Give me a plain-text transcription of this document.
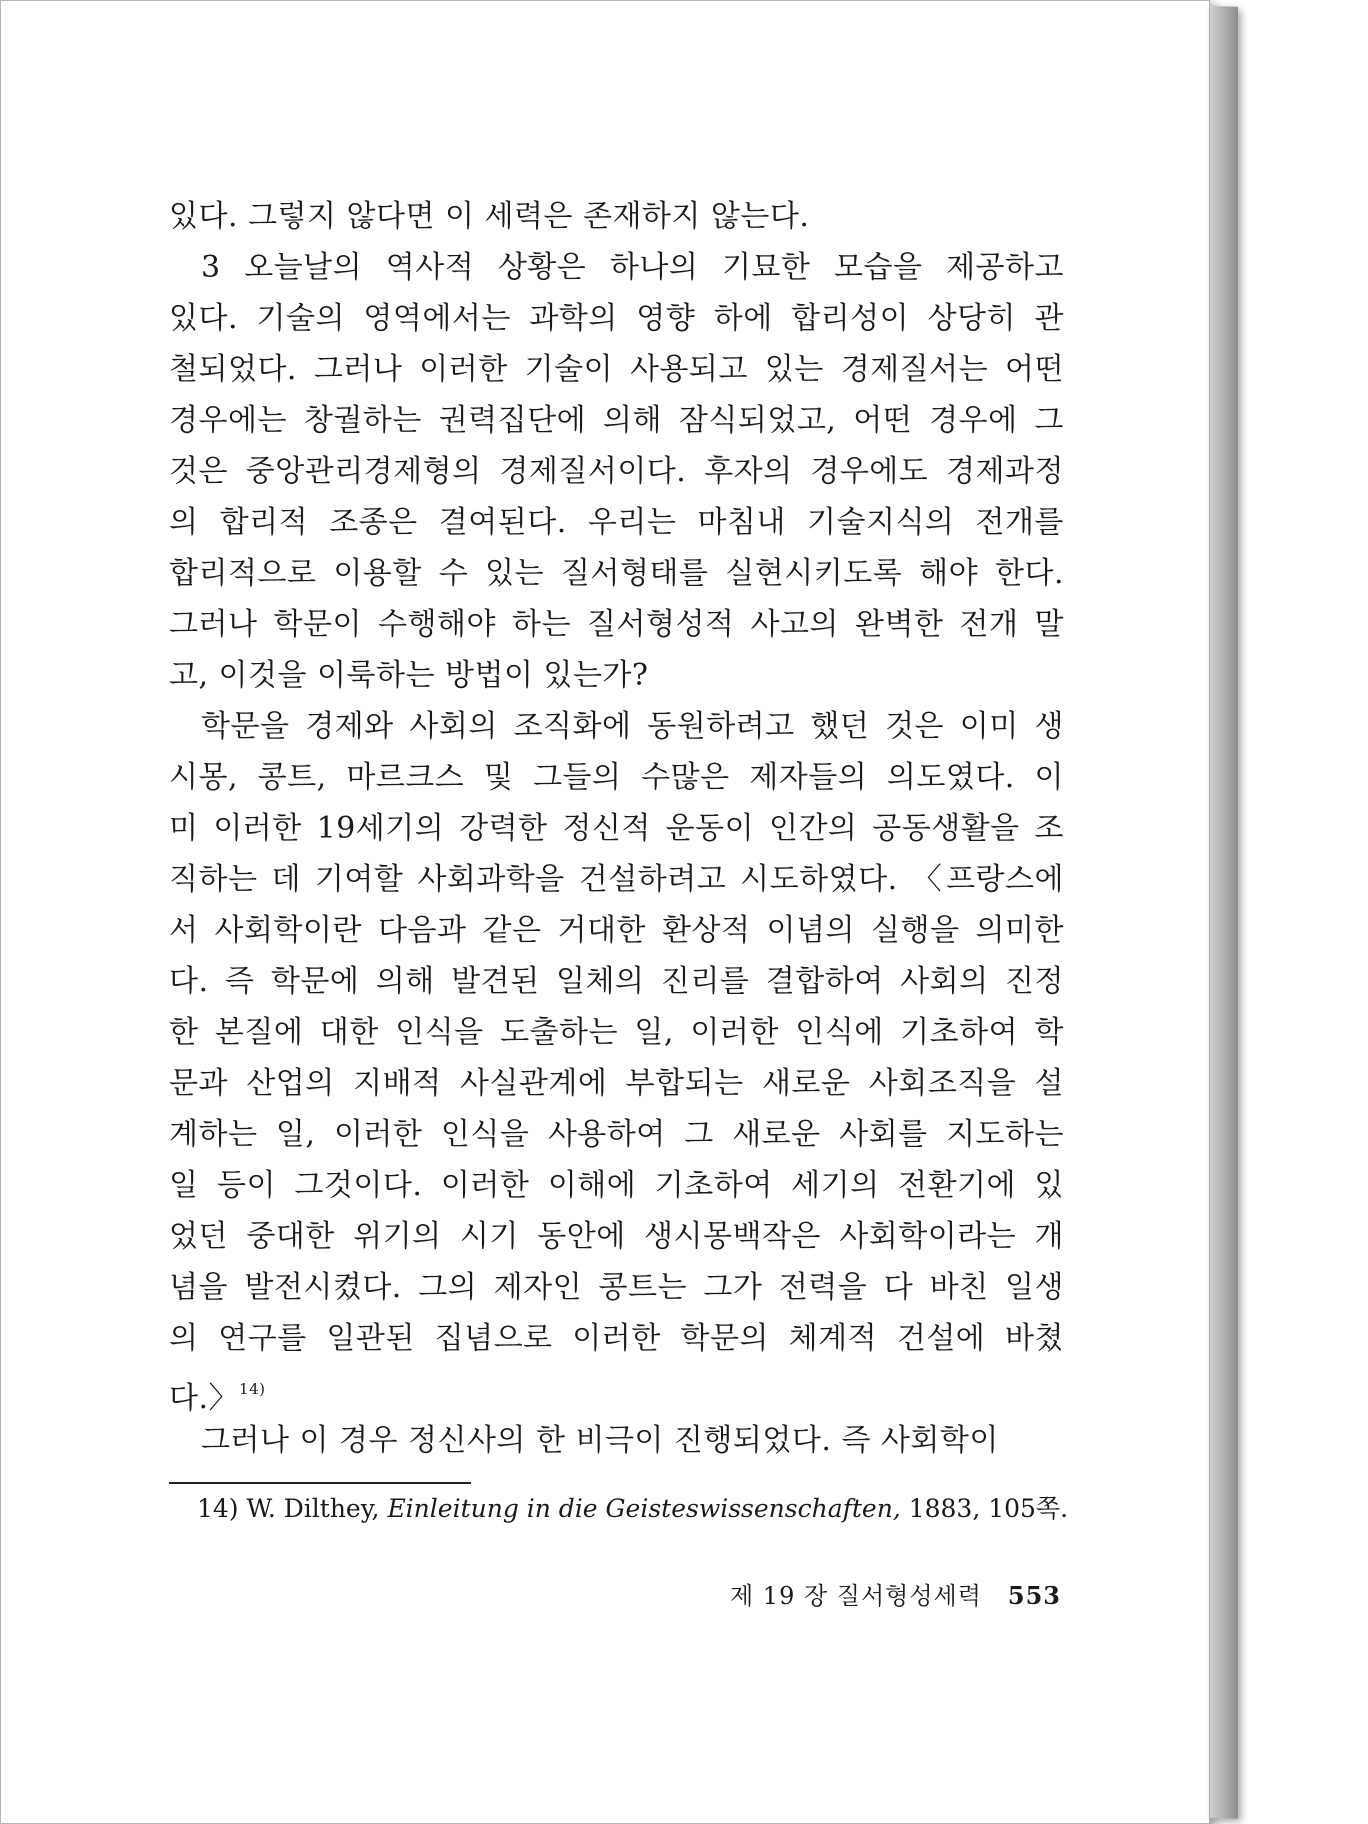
있다. 그렇지 않다면 이 세력은 존재하지 않는다.
3 오늘날의 역사적 상황은 하나의 기묘한 모습을 제공하고
있다. 기술의 영역에서는 과학의 영향 하에 합리성이 상당히 관
철되었다. 그러나 이러한 기술이 사용되고 있는 경제질서는 어떤
경우에는 창궐하는 권력집단에 의해 잠식되었고, 어떤 경우에 그
것은 중앙관리경제형의 경제질서이다. 후자의 경우에도 경제과정
의 합리적 조종은 결여된다. 우리는 마침내 기술지식의 전개를
합리적으로 이용할 수 있는 질서형태를 실현시키도록 해야 한다.
그러나 학문이 수행해야 하는 질서형성적 사고의 완벽한 전개 말
고, 이것을 이룩하는 방법이 있는가?
학문을 경제와 사회의 조직화에 동원하려고 했던 것은 이미 생
시몽, 콩트, 마르크스 및 그들의 수많은 제자들의 의도였다. 이
미 이러한 19세기의 강력한 정신적 운동이 인간의 공동생활을 조
직하는 데 기여할 사회과학을 건설하려고 시도하였다. 〈프랑스에
서 사회학이란 다음과 같은 거대한 환상적 이념의 실행을 의미한
다. 즉 학문에 의해 발견된 일체의 진리를 결합하여 사회의 진정
한 본질에 대한 인식을 도출하는 일, 이러한 인식에 기초하여 학
문과 산업의 지배적 사실관계에 부합되는 새로운 사회조직을 설
계하는 일, 이러한 인식을 사용하여 그 새로운 사회를 지도하는
일 등이 그것이다. 이러한 이해에 기초하여 세기의 전환기에 있
었던 중대한 위기의 시기 동안에 생시몽백작은 사회학이라는 개
념을 발전시켰다. 그의 제자인 콩트는 그가 전력을 다 바친 일생
의 연구를 일관된 집념으로 이러한 학문의 체계적 건설에 바쳤
다.〉$^{14)}$
그러나 이 경우 정신사의 한 비극이 진행되었다. 즉 사회학이
14) W. Dilthey, Einleitung in die Geisteswissenschaften, 1883, 105쪽.
제 19 장 질서형성세력 553
